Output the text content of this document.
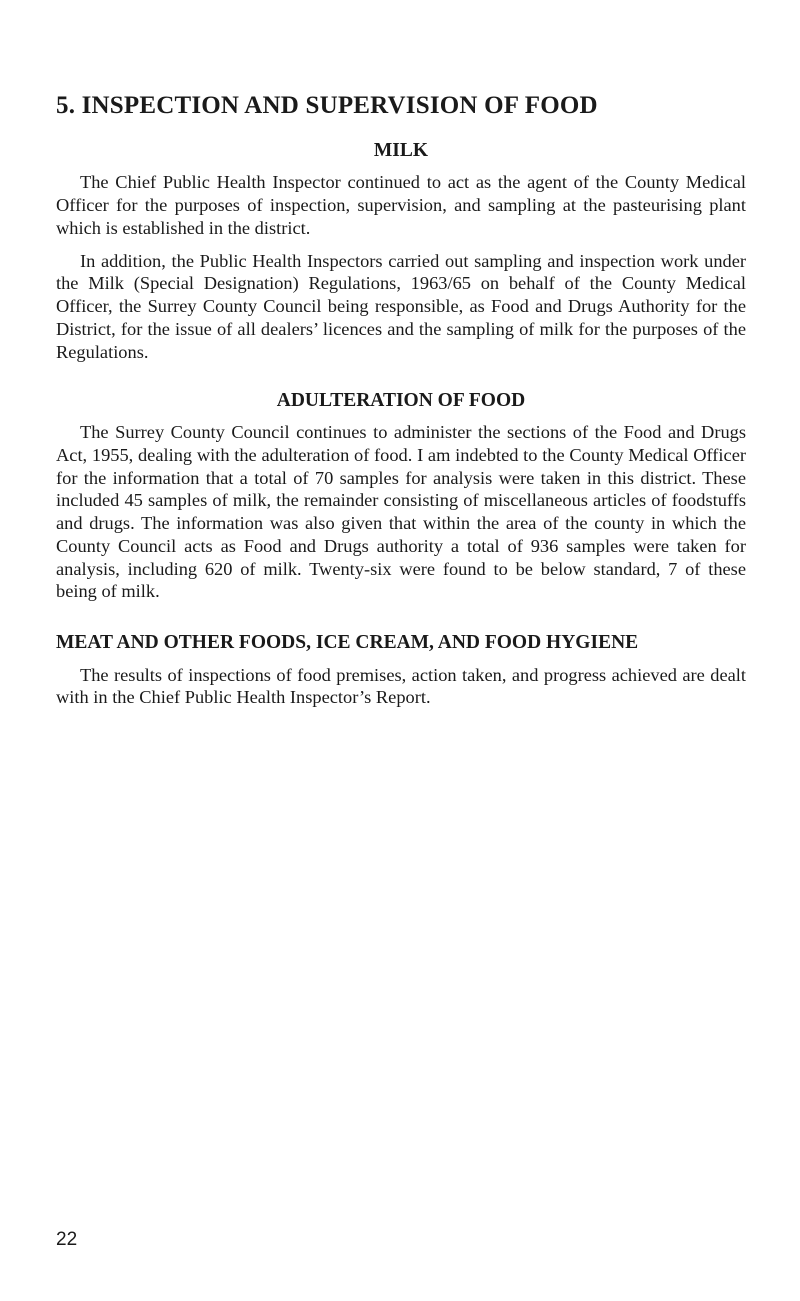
5. INSPECTION AND SUPERVISION OF FOOD
MILK

The Chief Public Health Inspector continued to act as the agent of the County Medical Officer for the purposes of inspection, supervision, and sampling at the pasteurising plant which is established in the district.

In addition, the Public Health Inspectors carried out sampling and inspection work under the Milk (Special Designation) Regulations, 1963/65 on behalf of the County Medical Officer, the Surrey County Council being responsible, as Food and Drugs Authority for the District, for the issue of all dealers’ licences and the sampling of milk for the purposes of the Regulations.

ADULTERATION OF FOOD

The Surrey County Council continues to administer the sections of the Food and Drugs Act, 1955, dealing with the adulteration of food. I am indebted to the County Medical Officer for the information that a total of 70 samples for analysis were taken in this district. These included 45 samples of milk, the remainder consisting of miscellaneous articles of foodstuffs and drugs. The information was also given that within the area of the county in which the County Council acts as Food and Drugs authority a total of 936 samples were taken for analysis, including 620 of milk. Twenty-six were found to be below standard, 7 of these being of milk.

MEAT AND OTHER FOODS, ICE CREAM, AND FOOD HYGIENE

The results of inspections of food premises, action taken, and progress achieved are dealt with in the Chief Public Health Inspector’s Report.

22
